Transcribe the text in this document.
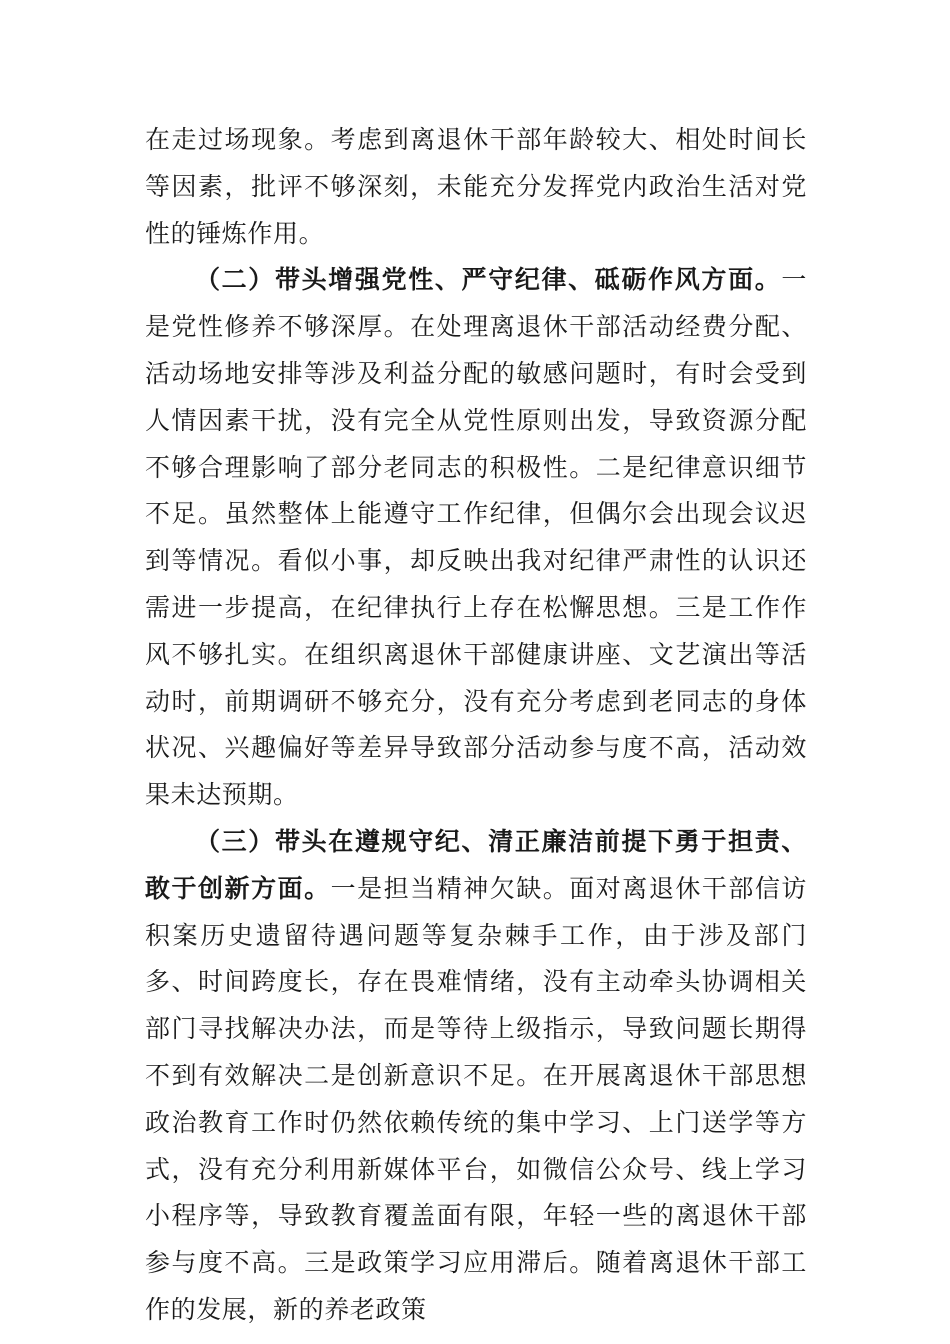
在走过场现象。考虑到离退休干部年龄较大、相处时间长等因素，批评不够深刻，未能充分发挥党内政治生活对党性的锤炼作用。

（二）带头增强党性、严守纪律、砥砺作风方面。一是党性修养不够深厚。在处理离退休干部活动经费分配、活动场地安排等涉及利益分配的敏感问题时，有时会受到人情因素干扰，没有完全从党性原则出发，导致资源分配不够合理影响了部分老同志的积极性。二是纪律意识细节不足。虽然整体上能遵守工作纪律，但偶尔会出现会议迟到等情况。看似小事，却反映出我对纪律严肃性的认识还需进一步提高，在纪律执行上存在松懈思想。三是工作作风不够扎实。在组织离退休干部健康讲座、文艺演出等活动时，前期调研不够充分，没有充分考虑到老同志的身体状况、兴趣偏好等差异导致部分活动参与度不高，活动效果未达预期。

（三）带头在遵规守纪、清正廉洁前提下勇于担责、敢于创新方面。一是担当精神欠缺。面对离退休干部信访积案历史遗留待遇问题等复杂棘手工作，由于涉及部门多、时间跨度长，存在畏难情绪，没有主动牵头协调相关部门寻找解决办法，而是等待上级指示，导致问题长期得不到有效解决二是创新意识不足。在开展离退休干部思想政治教育工作时仍然依赖传统的集中学习、上门送学等方式，没有充分利用新媒体平台，如微信公众号、线上学习小程序等，导致教育覆盖面有限，年轻一些的离退休干部参与度不高。三是政策学习应用滞后。随着离退休干部工作的发展，新的养老政策
